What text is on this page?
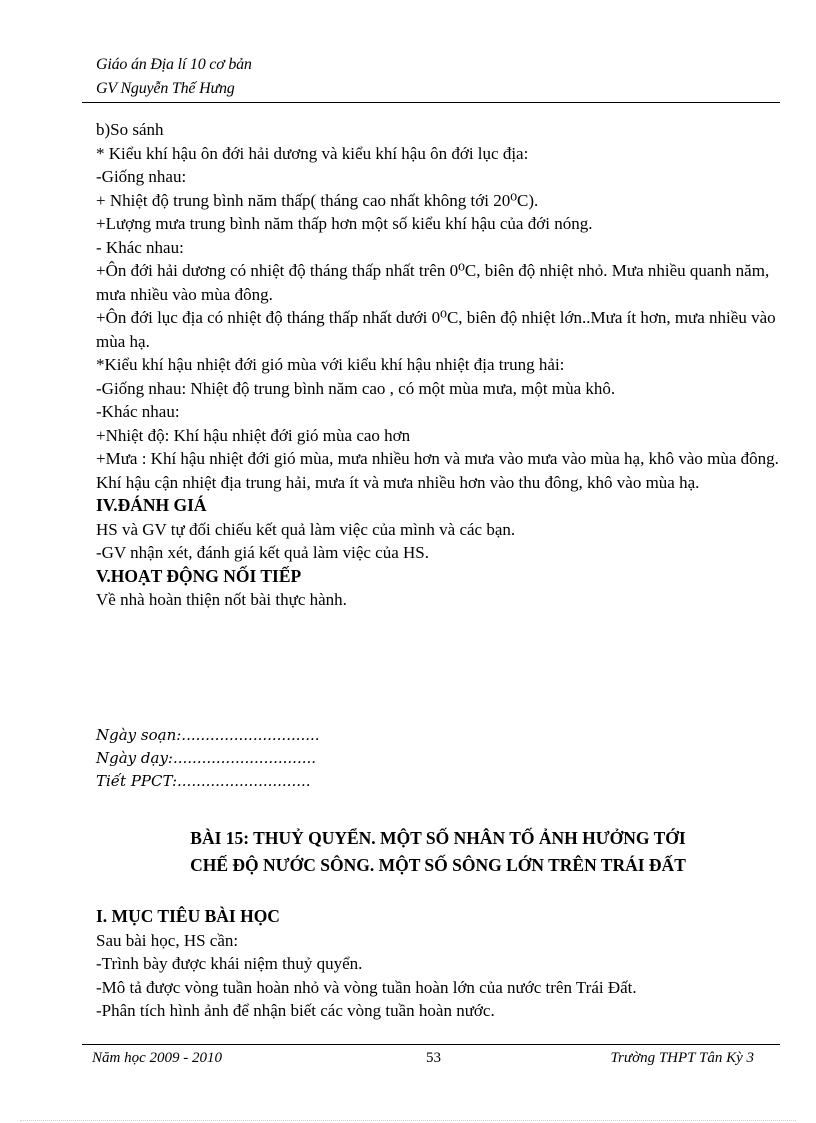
Giáo án Địa lí 10 cơ bản
GV Nguyễn Thế Hưng

b)So sánh

* Kiểu khí hậu ôn đới hải dương và kiểu khí hậu ôn đới lục địa:

-Giống nhau:

+ Nhiệt độ trung bình năm thấp( tháng cao nhất không tới 20⁰C).

+Lượng mưa trung bình năm thấp hơn một số kiểu khí hậu của đới nóng.

- Khác nhau:

+Ôn đới hải dương có nhiệt độ tháng thấp nhất trên 0⁰C, biên độ nhiệt nhỏ. Mưa nhiều quanh năm, mưa nhiều vào mùa đông.

+Ôn đới lục địa có nhiệt độ tháng thấp nhất dưới 0⁰C, biên độ nhiệt lớn..Mưa ít hơn, mưa nhiều vào mùa hạ.

*Kiểu khí hậu nhiệt đới gió mùa với kiểu khí hậu nhiệt địa trung hải:

-Giống nhau: Nhiệt độ trung bình năm cao , có một mùa mưa, một mùa khô.

-Khác nhau:

+Nhiệt độ: Khí hậu nhiệt đới gió mùa cao hơn

+Mưa : Khí hậu nhiệt đới gió mùa, mưa nhiều hơn và mưa vào mưa vào mùa hạ, khô vào mùa đông. Khí hậu cận nhiệt địa trung hải, mưa ít và mưa nhiều hơn vào thu đông, khô vào mùa hạ.

IV.ĐÁNH GIÁ

HS và GV tự đối chiếu kết quả làm việc của mình và các bạn.

-GV nhận xét, đánh giá kết quả làm việc của HS.

V.HOẠT ĐỘNG NỐI TIẾP

Về nhà hoàn thiện nốt bài thực hành.

Ngày soạn:.............................
Ngày dạy:..............................
Tiết PPCT:............................
BÀI 15: THUỶ QUYỂN. MỘT SỐ NHÂN TỐ ẢNH HƯỞNG TỚI
CHẾ ĐỘ NƯỚC SÔNG. MỘT SỐ SÔNG LỚN TRÊN TRÁI ĐẤT

I. MỤC TIÊU BÀI HỌC

Sau bài học, HS cần:

-Trình bày được khái niệm thuỷ quyển.

-Mô tả được vòng tuần hoàn nhỏ và vòng tuần hoàn lớn của nước trên Trái Đất.

-Phân tích hình ảnh để nhận biết các vòng tuần hoàn nước.

Năm học 2009 - 2010	53	Trường THPT Tân Kỳ 3
